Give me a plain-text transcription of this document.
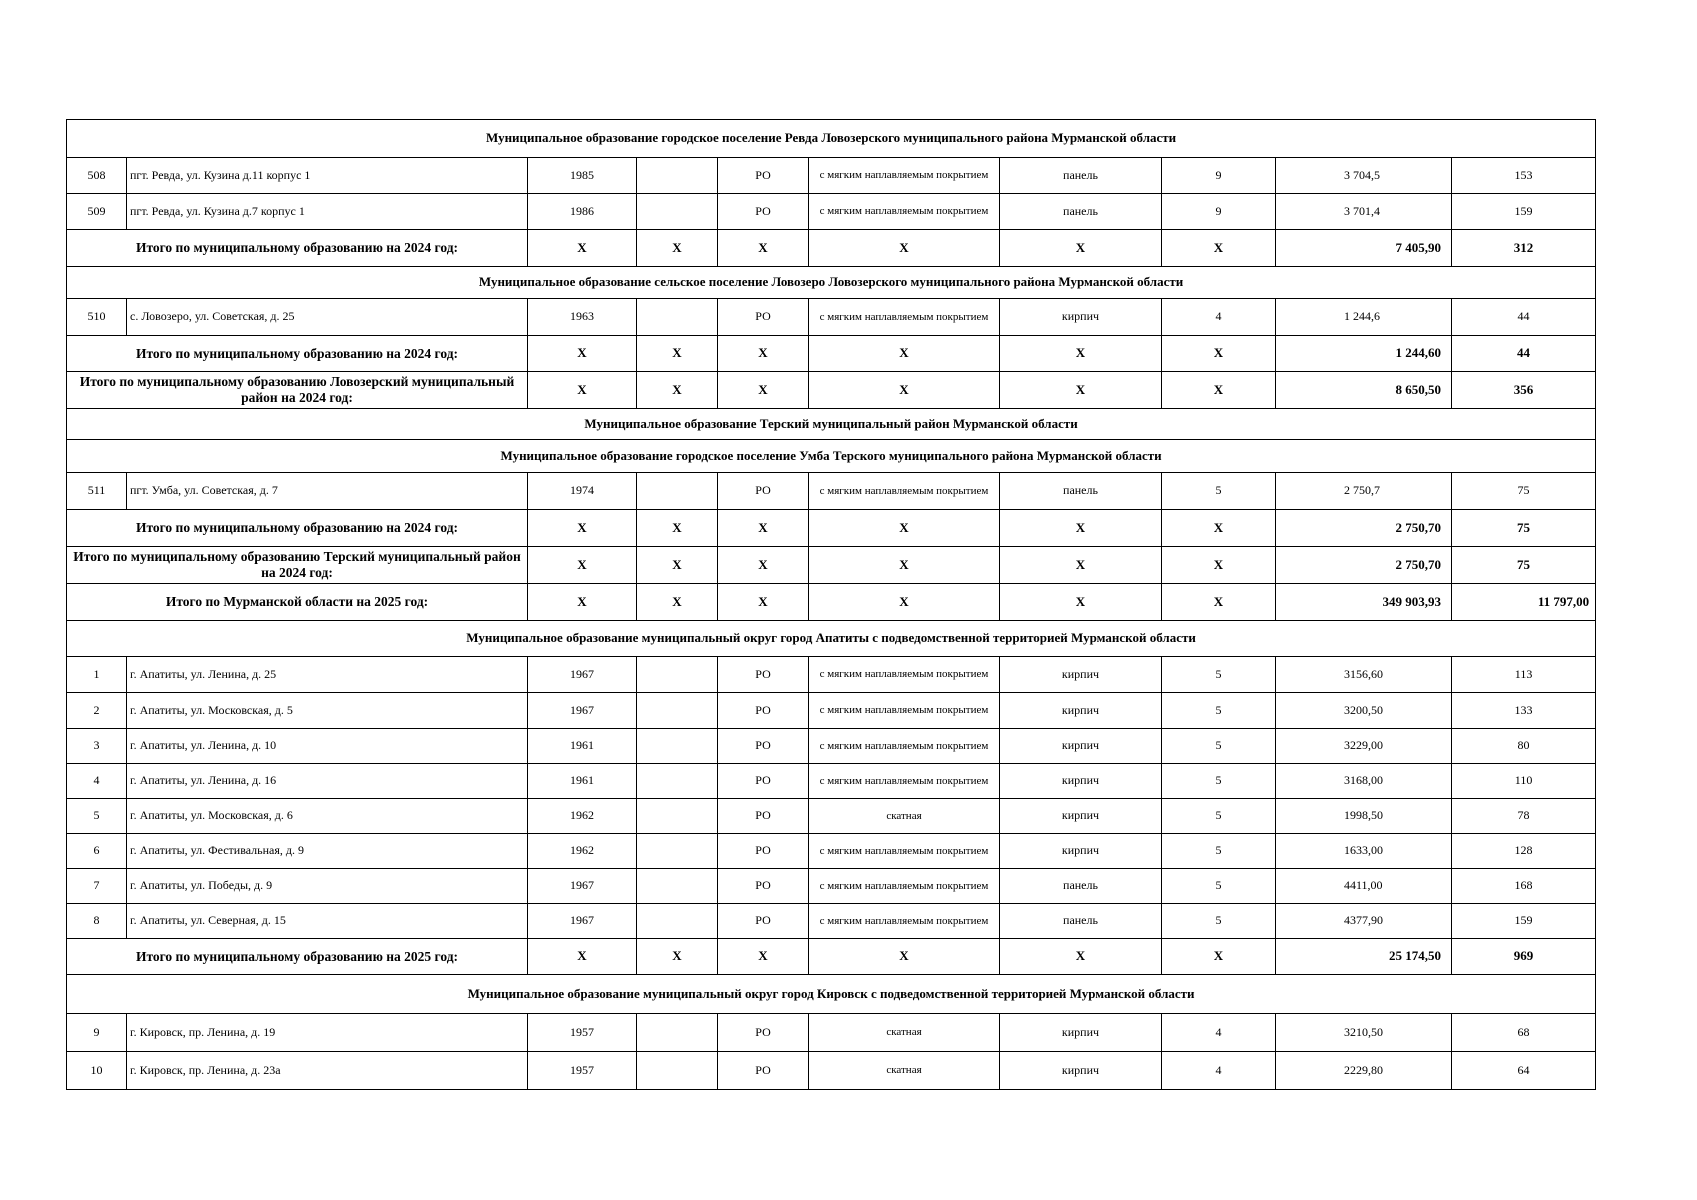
Муниципальное образование городское поселение Ревда Ловозерского муниципального района Мурманской области									
508	пгт. Ревда, ул. Кузина д.11 корпус 1	1985		РО	с мягким наплавляемым покрытием	панель	9	3 704,5	153
509	пгт. Ревда, ул. Кузина д.7 корпус 1	1986		РО	с мягким наплавляемым покрытием	панель	9	3 701,4	159
Итого по муниципальному образованию на 2024 год:		Х	Х	Х	Х	Х	Х	7 405,90	312
Муниципальное образование сельское поселение Ловозеро Ловозерского муниципального района Мурманской области									
510	с. Ловозеро, ул. Советская, д. 25	1963		РО	с мягким наплавляемым покрытием	кирпич	4	1 244,6	44
Итого по муниципальному образованию на 2024 год:		Х	Х	Х	Х	Х	Х	1 244,60	44
Итого по муниципальному образованию Ловозерский муниципальный район на 2024 год:		Х	Х	Х	Х	Х	Х	8 650,50	356
Муниципальное образование Терский муниципальный район Мурманской области									
Муниципальное образование городское поселение Умба Терского муниципального района Мурманской области									
511	пгт. Умба, ул. Советская, д. 7	1974		РО	с мягким наплавляемым покрытием	панель	5	2 750,7	75
Итого по муниципальному образованию на 2024 год:		Х	Х	Х	Х	Х	Х	2 750,70	75
Итого по муниципальному образованию Терский муниципальный район на 2024 год:		Х	Х	Х	Х	Х	Х	2 750,70	75
Итого по Мурманской области на 2025 год:		Х	Х	Х	Х	Х	Х	349 903,93	11 797,00
Муниципальное образование муниципальный округ город Апатиты с подведомственной территорией Мурманской области									
1	г. Апатиты, ул. Ленина, д. 25	1967		РО	с мягким наплавляемым покрытием	кирпич	5	3156,60	113
2	г. Апатиты, ул. Московская, д. 5	1967		РО	с мягким наплавляемым покрытием	кирпич	5	3200,50	133
3	г. Апатиты, ул. Ленина, д. 10	1961		РО	с мягким наплавляемым покрытием	кирпич	5	3229,00	80
4	г. Апатиты, ул. Ленина, д. 16	1961		РО	с мягким наплавляемым покрытием	кирпич	5	3168,00	110
5	г. Апатиты, ул. Московская, д. 6	1962		РО	скатная	кирпич	5	1998,50	78
6	г. Апатиты, ул. Фестивальная, д. 9	1962		РО	с мягким наплавляемым покрытием	кирпич	5	1633,00	128
7	г. Апатиты, ул. Победы, д. 9	1967		РО	с мягким наплавляемым покрытием	панель	5	4411,00	168
8	г. Апатиты, ул. Северная, д. 15	1967		РО	с мягким наплавляемым покрытием	панель	5	4377,90	159
Итого по муниципальному образованию на 2025 год:		Х	Х	Х	Х	Х	Х	25 174,50	969
Муниципальное образование муниципальный округ город Кировск с подведомственной территорией Мурманской области									
9	г. Кировск, пр. Ленина, д. 19	1957		РО	скатная	кирпич	4	3210,50	68
10	г. Кировск, пр. Ленина, д. 23а	1957		РО	скатная	кирпич	4	2229,80	64
